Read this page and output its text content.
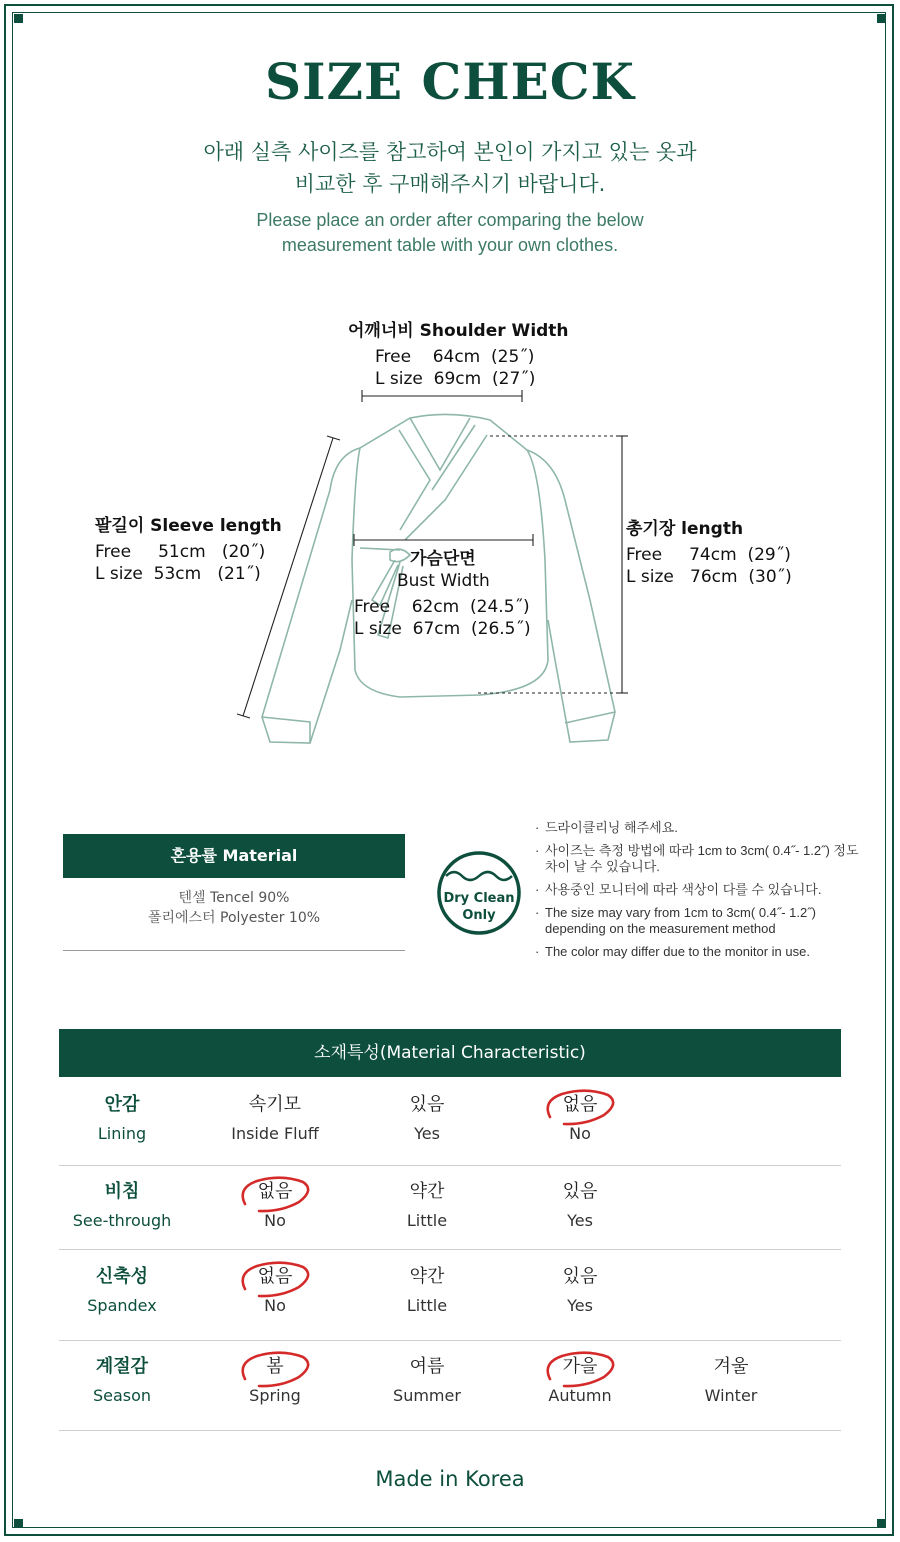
SIZE CHECK
아래 실측 사이즈를 참고하여 본인이 가지고 있는 옷과
비교한 후 구매해주시기 바랍니다.
Please place an order after comparing the below
measurement table with your own clothes.
어깨너비 Shoulder Width
Free    64cm  (25˝)
L size  69cm  (27˝)
팔길이 Sleeve length
Free     51cm   (20˝)
L size  53cm   (21˝)
가슴단면
Bust Width
Free    62cm  (24.5˝)
L size  67cm  (26.5˝)
총기장 length
Free     74cm  (29˝)
L size   76cm  (30˝)
혼용률 Material
텐셀 Tencel 90%
폴리에스터 Polyester 10%
Dry Clean
Only
· 드라이클리닝 해주세요.
· 사이즈는 측정 방법에 따라 1cm to 3cm( 0.4˝- 1.2˝) 정도 차이 날 수 있습니다.
· 사용중인 모니터에 따라 색상이 다를 수 있습니다.
· The size may vary from 1cm to 3cm( 0.4˝- 1.2˝) depending on the measurement method
· The color may differ due to the monitor in use.
소재특성(Material Characteristic)
안감
Lining
속기모
Inside Fluff
있음
Yes
없음
No
비침
See-through
없음
No
약간
Little
있음
Yes
신축성
Spandex
없음
No
약간
Little
있음
Yes
계절감
Season
봄
Spring
여름
Summer
가을
Autumn
겨울
Winter
Made in Korea
